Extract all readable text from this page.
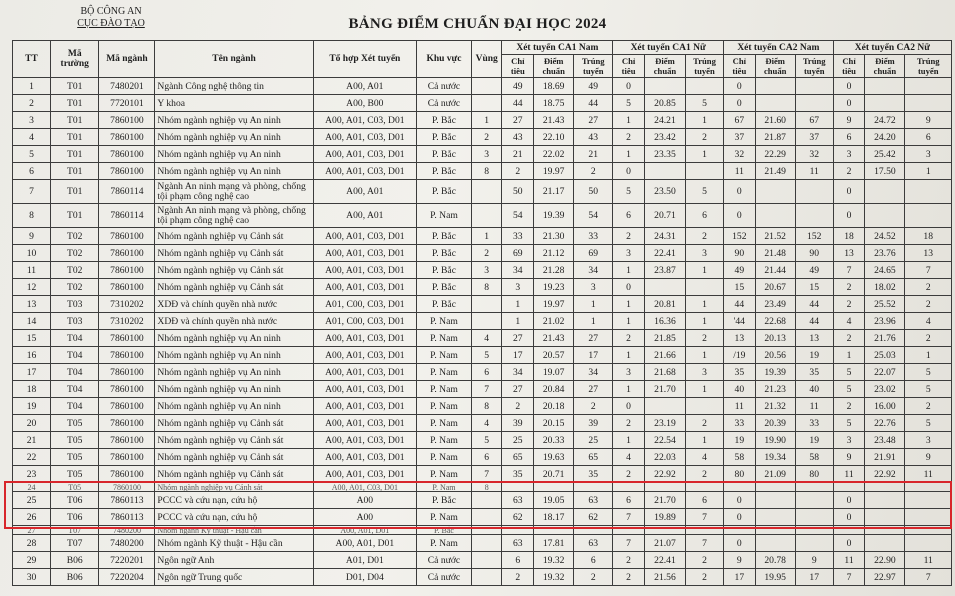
BỘ CÔNG AN
CỤC ĐÀO TẠO	BẢNG ĐIỂM CHUẨN ĐẠI HỌC 2024
TT	Mã trường	Mã ngành	Tên ngành	Tổ hợp Xét tuyển	Khu vực	Vùng	Xét tuyển CA1 Nam			Xét tuyển CA1 Nữ			Xét tuyển CA2 Nam			Xét tuyển CA2 Nữ		
							Chỉ tiêu	Điểm chuẩn	Trúng tuyển	Chỉ tiêu	Điểm chuẩn	Trúng tuyển	Chỉ tiêu	Điểm chuẩn	Trúng tuyển	Chỉ tiêu	Điểm chuẩn	Trúng tuyển
1	T01	7480201	Ngành Công nghệ thông tin	A00, A01	Cả nước		49	18.69	49	0			0			0		
2	T01	7720101	Y khoa	A00, B00	Cả nước		44	18.75	44	5	20.85	5	0			0		
3	T01	7860100	Nhóm ngành nghiệp vụ An ninh	A00, A01, C03, D01	P. Bắc	1	27	21.43	27	1	24.21	1	67	21.60	67	9	24.72	9
4	T01	7860100	Nhóm ngành nghiệp vụ An ninh	A00, A01, C03, D01	P. Bắc	2	43	22.10	43	2	23.42	2	37	21.87	37	6	24.20	6
5	T01	7860100	Nhóm ngành nghiệp vụ An ninh	A00, A01, C03, D01	P. Bắc	3	21	22.02	21	1	23.35	1	32	22.29	32	3	25.42	3
6	T01	7860100	Nhóm ngành nghiệp vụ An ninh	A00, A01, C03, D01	P. Bắc	8	2	19.97	2	0			11	21.49	11	2	17.50	1
7	T01	7860114	Ngành An ninh mạng và phòng, chống tội phạm công nghệ cao	A00, A01	P. Bắc		50	21.17	50	5	23.50	5	0			0		
8	T01	7860114	Ngành An ninh mạng và phòng, chống tội phạm công nghệ cao	A00, A01	P. Nam		54	19.39	54	6	20.71	6	0			0		
9	T02	7860100	Nhóm ngành nghiệp vụ Cảnh sát	A00, A01, C03, D01	P. Bắc	1	33	21.30	33	2	24.31	2	152	21.52	152	18	24.52	18
10	T02	7860100	Nhóm ngành nghiệp vụ Cảnh sát	A00, A01, C03, D01	P. Bắc	2	69	21.12	69	3	22.41	3	90	21.48	90	13	23.76	13
11	T02	7860100	Nhóm ngành nghiệp vụ Cảnh sát	A00, A01, C03, D01	P. Bắc	3	34	21.28	34	1	23.87	1	49	21.44	49	7	24.65	7
12	T02	7860100	Nhóm ngành nghiệp vụ Cảnh sát	A00, A01, C03, D01	P. Bắc	8	3	19.23	3	0			15	20.67	15	2	18.02	2
13	T03	7310202	XDĐ và chính quyền nhà nước	A01, C00, C03, D01	P. Bắc		1	19.97	1	1	20.81	1	44	23.49	44	2	25.52	2
14	T03	7310202	XDĐ và chính quyền nhà nước	A01, C00, C03, D01	P. Nam		1	21.02	1	1	16.36	1	'44	22.68	44	4	23.96	4
15	T04	7860100	Nhóm ngành nghiệp vụ An ninh	A00, A01, C03, D01	P. Nam	4	27	21.43	27	2	21.85	2	13	20.13	13	2	21.76	2
16	T04	7860100	Nhóm ngành nghiệp vụ An ninh	A00, A01, C03, D01	P. Nam	5	17	20.57	17	1	21.66	1	/19	20.56	19	1	25.03	1
17	T04	7860100	Nhóm ngành nghiệp vụ An ninh	A00, A01, C03, D01	P. Nam	6	34	19.07	34	3	21.68	3	35	19.39	35	5	22.07	5
18	T04	7860100	Nhóm ngành nghiệp vụ An ninh	A00, A01, C03, D01	P. Nam	7	27	20.84	27	1	21.70	1	40	21.23	40	5	23.02	5
19	T04	7860100	Nhóm ngành nghiệp vụ An ninh	A00, A01, C03, D01	P. Nam	8	2	20.18	2	0			11	21.32	11	2	16.00	2
20	T05	7860100	Nhóm ngành nghiệp vụ Cảnh sát	A00, A01, C03, D01	P. Nam	4	39	20.15	39	2	23.19	2	33	20.39	33	5	22.76	5
21	T05	7860100	Nhóm ngành nghiệp vụ Cảnh sát	A00, A01, C03, D01	P. Nam	5	25	20.33	25	1	22.54	1	19	19.90	19	3	23.48	3
22	T05	7860100	Nhóm ngành nghiệp vụ Cảnh sát	A00, A01, C03, D01	P. Nam	6	65	19.63	65	4	22.03	4	58	19.34	58	9	21.91	9
23	T05	7860100	Nhóm ngành nghiệp vụ Cảnh sát	A00, A01, C03, D01	P. Nam	7	35	20.71	35	2	22.92	2	80	21.09	80	11	22.92	11
24	T05	7860100	Nhóm ngành nghiệp vụ Cảnh sát	A00, A01, C03, D01	P. Nam	8												
25	T06	7860113	PCCC và cứu nạn, cứu hộ	A00	P. Bắc		63	19.05	63	6	21.70	6	0			0		
26	T06	7860113	PCCC và cứu nạn, cứu hộ	A00	P. Nam		62	18.17	62	7	19.89	7	0			0		
27	T07	7480200	Nhóm ngành Kỹ thuật - Hậu cần	A00, A01, D01	P. Bắc													
28	T07	7480200	Nhóm ngành Kỹ thuật - Hậu cần	A00, A01, D01	P. Nam		63	17.81	63	7	21.07	7	0			0		
29	B06	7220201	Ngôn ngữ Anh	A01, D01	Cả nước		6	19.32	6	2	22.41	2	9	20.78	9	11	22.90	11
30	B06	7220204	Ngôn ngữ Trung quốc	D01, D04	Cả nước		2	19.32	2	2	21.56	2	17	19.95	17	7	22.97	7
